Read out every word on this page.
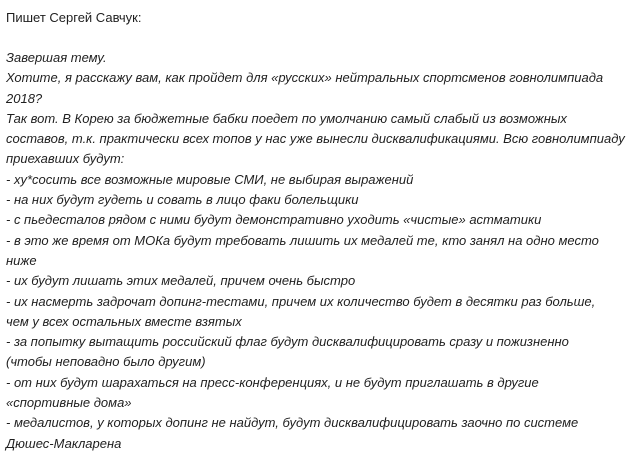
Пишет Сергей Савчук:

Завершая тему.

Хотите, я расскажу вам, как пройдет для «русских» нейтральных спортсменов говнолимпиада

2018?

Так вот. В Корею за бюджетные бабки поедет по умолчанию самый слабый из возможных

составов, т.к. практически всех топов у нас уже вынесли дисквалификациями. Всю говнолимпиаду

приехавших будут:

- ху*сосить все возможные мировые СМИ, не выбирая выражений

- на них будут гудеть и совать в лицо факи болельщики

- с пьедесталов рядом с ними будут демонстративно уходить «чистые» астматики

- в это же время от МОКа будут требовать лишить их медалей те, кто занял на одно место

ниже

- их будут лишать этих медалей, причем очень быстро

- их насмерть задрочат допинг-тестами, причем их количество будет в десятки раз больше,

чем у всех остальных вместе взятых

- за попытку вытащить российский флаг будут дисквалифицировать сразу и пожизненно

(чтобы неповадно было другим)

- от них будут шарахаться на пресс-конференциях, и не будут приглашать в другие

«спортивные дома»

- медалистов, у которых допинг не найдут, будут дисквалифицировать заочно по системе

Дюшес-Макларена
